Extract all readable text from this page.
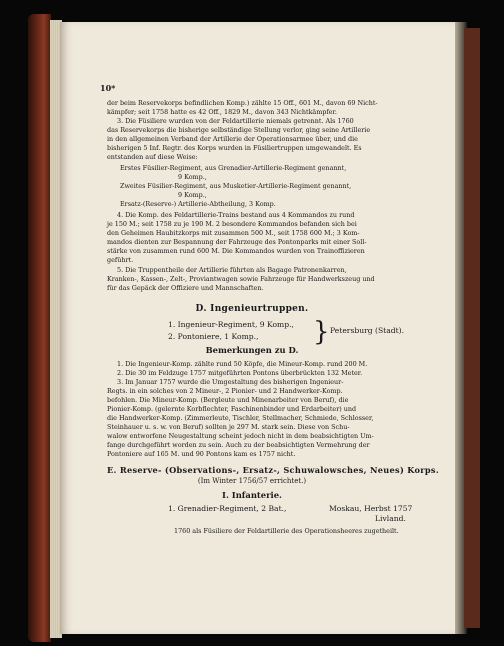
10*
der beim Reservekorps befindlichen Komp.) zählte 15 Off., 601 M., davon 69 Nicht-
kämpfer; seit 1758 hatte es 42 Off., 1829 M., davon 343 Nichtkämpfer.
3. Die Füsiliere wurden von der Feldartillerie niemals getrennt. Als 1760
das Reservekorps die bisherige selbständige Stellung verlor, ging seine Artillerie
in den allgemeinen Verband der Artillerie der Operationsarmee über, und die
bisherigen 5 Inf. Regtr. des Korps wurden in Füsiliertruppen umgewandelt. Es
entstanden auf diese Weise:
Erstes Füsilier-Regiment, aus Grenadier-Artillerie-Regiment genannt,
9 Komp.,
Zweites Füsilier-Regiment, aus Musketier-Artillerie-Regiment genannt,
9 Komp.,
Ersatz-(Reserve-) Artillerie-Abtheilung, 3 Komp.
4. Die Komp. des Feldartillerie-Trains bestand aus 4 Kommandos zu rund
je 150 M.; seit 1758 zu je 190 M. 2 besondere Kommandos befanden sich bei
den Geheimen Haubitzkorps mit zusammen 500 M., seit 1758 600 M.; 3 Kom-
mandos dienten zur Bespannung der Fahrzeuge des Pontonparks mit einer Soll-
stärke von zusammen rund 600 M. Die Kommandos wurden von Trainoffizieren
geführt.
5. Die Truppentheile der Artillerie führten als Bagage Patronenkarren,
Kranken-, Kassen-, Zelt-, Proviantwagen sowie Fahrzeuge für Handwerkszeug und
für das Gepäck der Offiziere und Mannschaften.
D. Ingenieurtruppen.
1. Ingenieur-Regiment, 9 Komp.,
2. Pontoniere, 1 Komp.,	} Petersburg (Stadt).
Bemerkungen zu D.
1. Die Ingenieur-Komp. zählte rund 50 Köpfe, die Mineur-Komp. rund 200 M.
2. Die 30 im Feldzuge 1757 mitgeführten Pontons überbrückten 132 Meter.
3. Im Januar 1757 wurde die Umgestaltung des bisherigen Ingenieur-
Regts. in ein solches von 2 Mineur-, 2 Pionier- und 2 Handwerker-Komp.
befohlen. Die Mineur-Komp. (Bergleute und Minenarbeiter von Beruf), die
Pionier-Komp. (gelernte Korbflechter, Faschinenbinder und Erdarbeiter) und
die Handwerker-Komp. (Zimmerleute, Tischler, Stellmacher, Schmiede, Schlosser,
Steinhauer u. s. w. von Beruf) sollten je 297 M. stark sein. Diese von Schu-
walow entworfene Neugestaltung scheint jedoch nicht in dem beabsichtigten Um-
fange durchgeführt worden zu sein. Auch zu der beabsichtigten Vermehrung der
Pontoniere auf 165 M. und 90 Pontons kam es 1757 nicht.
E. Reserve- (Observations-, Ersatz-, Schuwalowsches, Neues) Korps.
(Im Winter 1756/57 errichtet.)
I. Infanterie.
1. Grenadier-Regiment, 2 Bat.,	Moskau, Herbst 1757
Livland.
1760 als Füsiliere der Feldartillerie des Operationsheeres zugetheilt.
